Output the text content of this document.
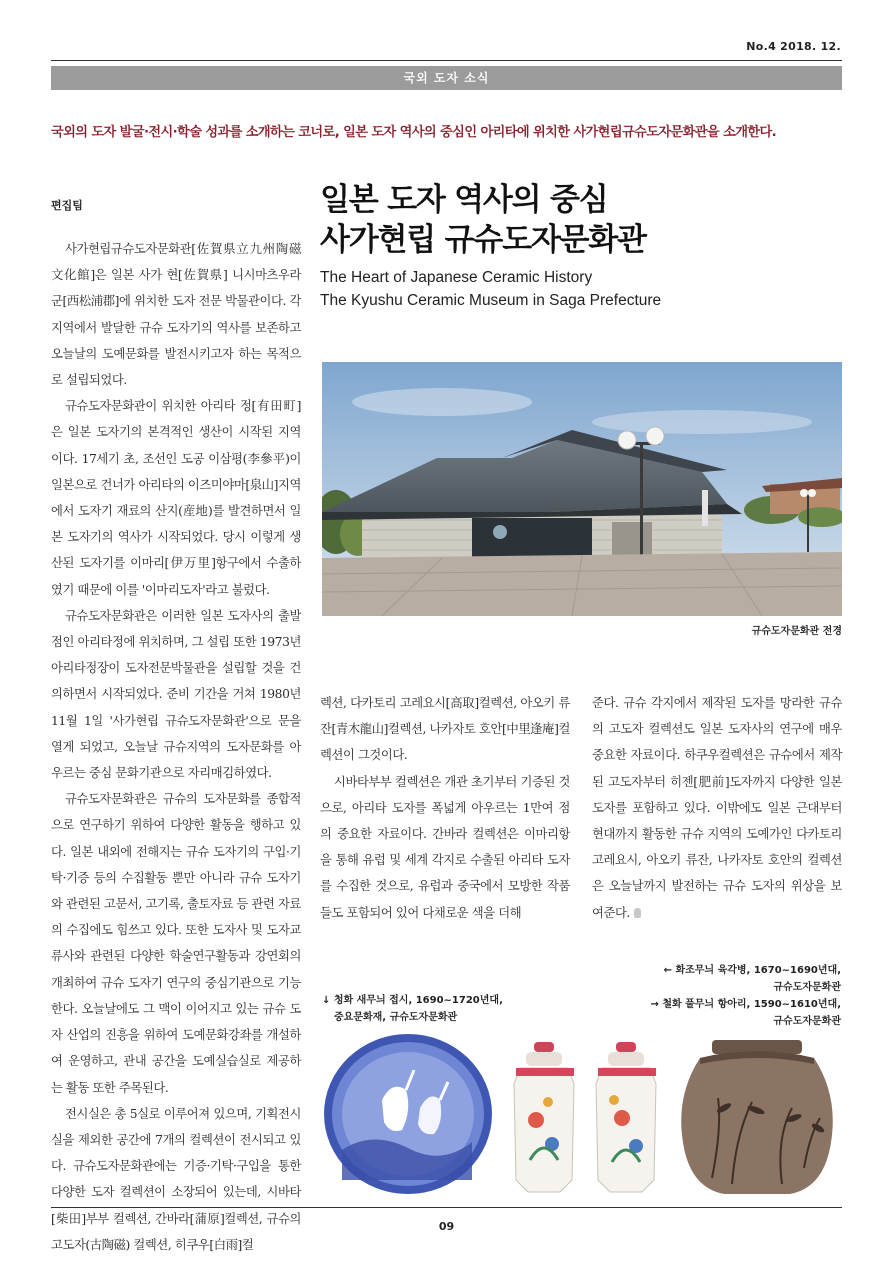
No.4 2018. 12.
국외 도자 소식
국외의 도자 발굴·전시·학술 성과를 소개하는 코너로, 일본 도자 역사의 중심인 아리타에 위치한 사가현립규슈도자문화관을 소개한다.
편집팀

사가현립규슈도자문화관[佐賀県立九州陶磁文化館]은 일본 사가 현[佐賀県] 니시마츠우라 군[西松浦郡]에 위치한 도자 전문 박물관이다. 각 지역에서 발달한 규슈 도자기의 역사를 보존하고 오늘날의 도예문화를 발전시키고자 하는 목적으로 설립되었다.

규슈도자문화관이 위치한 아리타 정[有田町]은 일본 도자기의 본격적인 생산이 시작된 지역이다. 17세기 초, 조선인 도공 이삼평(李參平)이 일본으로 건너가 아리타의 이즈미야마[泉山]지역에서 도자기 재료의 산지(産地)를 발견하면서 일본 도자기의 역사가 시작되었다. 당시 이렇게 생산된 도자기를 이마리[伊万里]항구에서 수출하였기 때문에 이를 '이마리도자'라고 불렀다.

규슈도자문화관은 이러한 일본 도자사의 출발점인 아리타정에 위치하며, 그 설립 또한 1973년 아리타정장이 도자전문박물관을 설립할 것을 건의하면서 시작되었다. 준비 기간을 거쳐 1980년 11월 1일 '사가현립 규슈도자문화관'으로 문을 열게 되었고, 오늘날 규슈지역의 도자문화를 아우르는 중심 문화기관으로 자리매김하였다.

규슈도자문화관은 규슈의 도자문화를 종합적으로 연구하기 위하여 다양한 활동을 행하고 있다. 일본 내외에 전해지는 규슈 도자기의 구입·기탁·기증 등의 수집활동 뿐만 아니라 규슈 도자기와 관련된 고문서, 고기록, 출토자료 등 관련 자료의 수집에도 힘쓰고 있다. 또한 도자사 및 도자교류사와 관련된 다양한 학술연구활동과 강연회의 개최하여 규슈 도자기 연구의 중심기관으로 기능한다. 오늘날에도 그 맥이 이어지고 있는 규슈 도자 산업의 진흥을 위하여 도예문화강좌를 개설하여 운영하고, 관내 공간을 도예실습실로 제공하는 활동 또한 주목된다.

전시실은 총 5실로 이루어져 있으며, 기획전시실을 제외한 공간에 7개의 컬렉션이 전시되고 있다. 규슈도자문화관에는 기증·기탁·구입을 통한 다양한 도자 컬렉션이 소장되어 있는데, 시바타[柴田]부부 컬렉션, 간바라[蒲原]컬렉션, 규슈의 고도자(古陶磁) 컬렉션, 히쿠우[白雨]컬

일본 도자 역사의 중심
사가현립 규슈도자문화관
The Heart of Japanese Ceramic History
The Kyushu Ceramic Museum in Saga Prefecture
규슈도자문화관 전경

렉션, 다카토리 고레요시[高取]컬렉션, 아오키 류잔[青木龍山]컬렉션, 나카자토 호안[中里逢庵]컬렉션이 그것이다.

시바타부부 컬렉션은 개관 초기부터 기증된 것으로, 아리타 도자를 폭넓게 아우르는 1만여 점의 중요한 자료이다. 간바라 컬렉션은 이마리항을 통해 유럽 및 세계 각지로 수출된 아리타 도자를 수집한 것으로, 유럽과 중국에서 모방한 작품들도 포함되어 있어 다채로운 색을 더해

준다. 규슈 각지에서 제작된 도자를 망라한 규슈의 고도자 컬렉션도 일본 도자사의 연구에 매우 중요한 자료이다. 하쿠우컬렉션은 규슈에서 제작된 고도자부터 히젠[肥前]도자까지 다양한 일본 도자를 포함하고 있다. 이밖에도 일본 근대부터 현대까지 활동한 규슈 지역의 도예가인 다카토리 고레요시, 아오키 류잔, 나카자토 호안의 컬렉션은 오늘날까지 발전하는 규슈 도자의 위상을 보여준다.

↓ 청화 새무늬 접시, 1690~1720년대,
중요문화재, 규슈도자문화관
← 화조무늬 육각병, 1670~1690년대,
규슈도자문화관
→ 철화 풀무늬 항아리, 1590~1610년대,
규슈도자문화관
09
